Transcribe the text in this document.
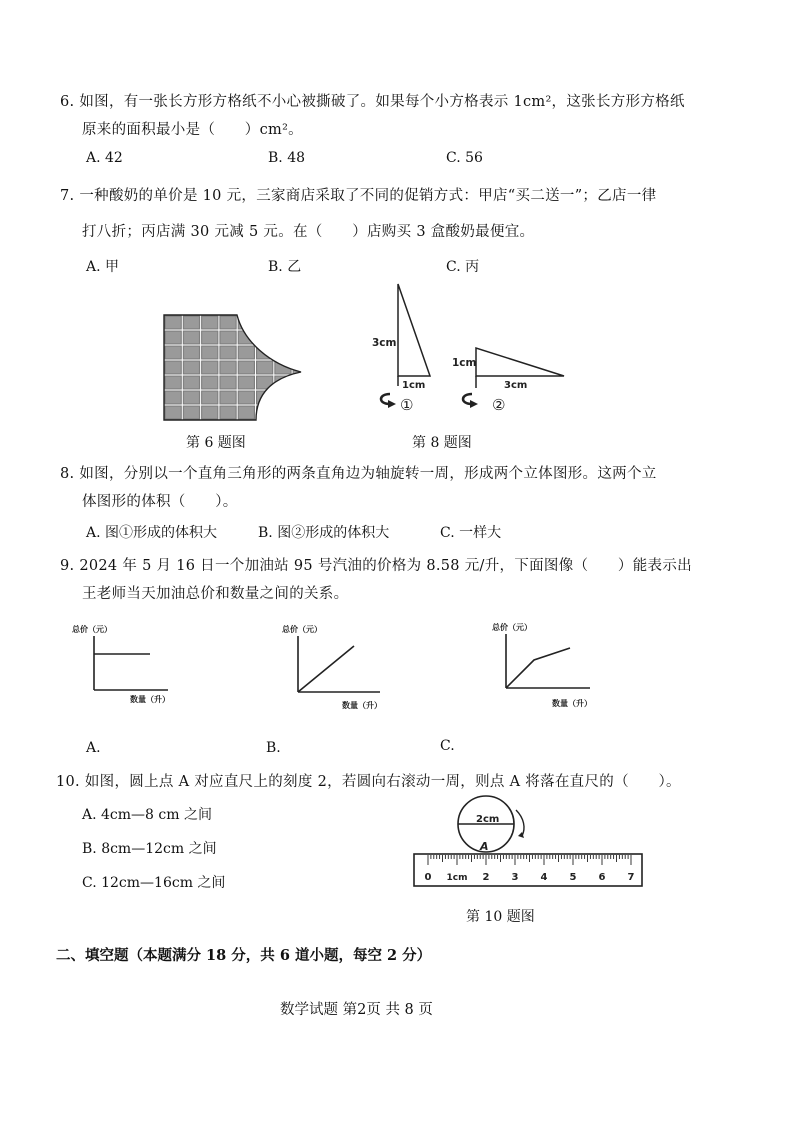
6. 如图，有一张长方形方格纸不小心被撕破了。如果每个小方格表示 1cm²，这张长方形方格纸
原来的面积最小是（　　）cm²。
A. 42	B. 48	C. 56
7. 一种酸奶的单价是 10 元，三家商店采取了不同的促销方式：甲店“买二送一”；乙店一律
打八折；丙店满 30 元减 5 元。在（　　）店购买 3 盒酸奶最便宜。
A. 甲	B. 乙	C. 丙
第 6 题图
3cm
1cm
①
1cm
3cm
②
第 8 题图
8. 如图，分别以一个直角三角形的两条直角边为轴旋转一周，形成两个立体图形。这两个立
体图形的体积（　　）。
A. 图①形成的体积大	B. 图②形成的体积大	C. 一样大
9. 2024 年 5 月 16 日一个加油站 95 号汽油的价格为 8.58 元/升，下面图像（　　）能表示出
王老师当天加油总价和数量之间的关系。
总价（元）
数量（升）
A.
总价（元）
数量（升）
B.
总价（元）
数量（升）
C.
10. 如图，圆上点 A 对应直尺上的刻度 2，若圆向右滚动一周，则点 A 将落在直尺的（　　）。
A. 4cm—8 cm 之间
B. 8cm—12cm 之间
C. 12cm—16cm 之间
2cm
A
0 1cm 2 3 4 5 6 7
第 10 题图
二、填空题（本题满分 18 分，共 6 道小题，每空 2 分）
数学试题 第2页 共 8 页
